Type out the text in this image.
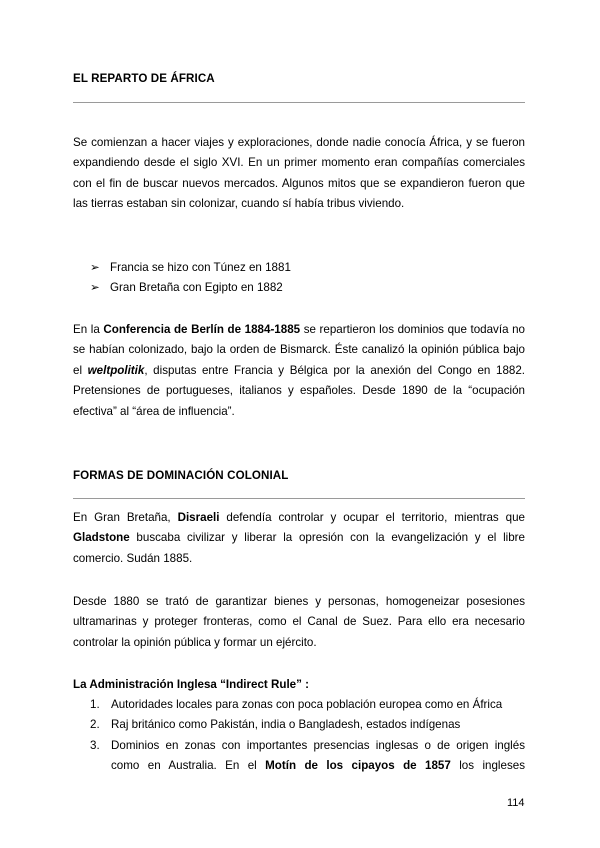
EL REPARTO DE ÁFRICA

Se comienzan a hacer viajes y exploraciones, donde nadie conocía África, y se fueron expandiendo desde el siglo XVI. En un primer momento eran compañías comerciales con el fin de buscar nuevos mercados. Algunos mitos que se expandieron fueron que las tierras estaban sin colonizar, cuando sí había tribus viviendo.

➢ Francia se hizo con Túnez en 1881
➢ Gran Bretaña con Egipto en 1882

En la Conferencia de Berlín de 1884-1885 se repartieron los dominios que todavía no se habían colonizado, bajo la orden de Bismarck. Éste canalizó la opinión pública bajo el weltpolitik, disputas entre Francia y Bélgica por la anexión del Congo en 1882. Pretensiones de portugueses, italianos y españoles. Desde 1890 de la “ocupación efectiva” al “área de influencia”.

FORMAS DE DOMINACIÓN COLONIAL

En Gran Bretaña, Disraeli defendía controlar y ocupar el territorio, mientras que Gladstone buscaba civilizar y liberar la opresión con la evangelización y el libre comercio. Sudán 1885.

Desde 1880 se trató de garantizar bienes y personas, homogeneizar posesiones ultramarinas y proteger fronteras, como el Canal de Suez. Para ello era necesario controlar la opinión pública y formar un ejército.

La Administración Inglesa “Indirect Rule” :
1. Autoridades locales para zonas con poca población europea como en África
2. Raj británico como Pakistán, india o Bangladesh, estados indígenas
3. Dominios en zonas con importantes presencias inglesas o de origen inglés como en Australia. En el Motín de los cipayos de 1857 los ingleses
114
